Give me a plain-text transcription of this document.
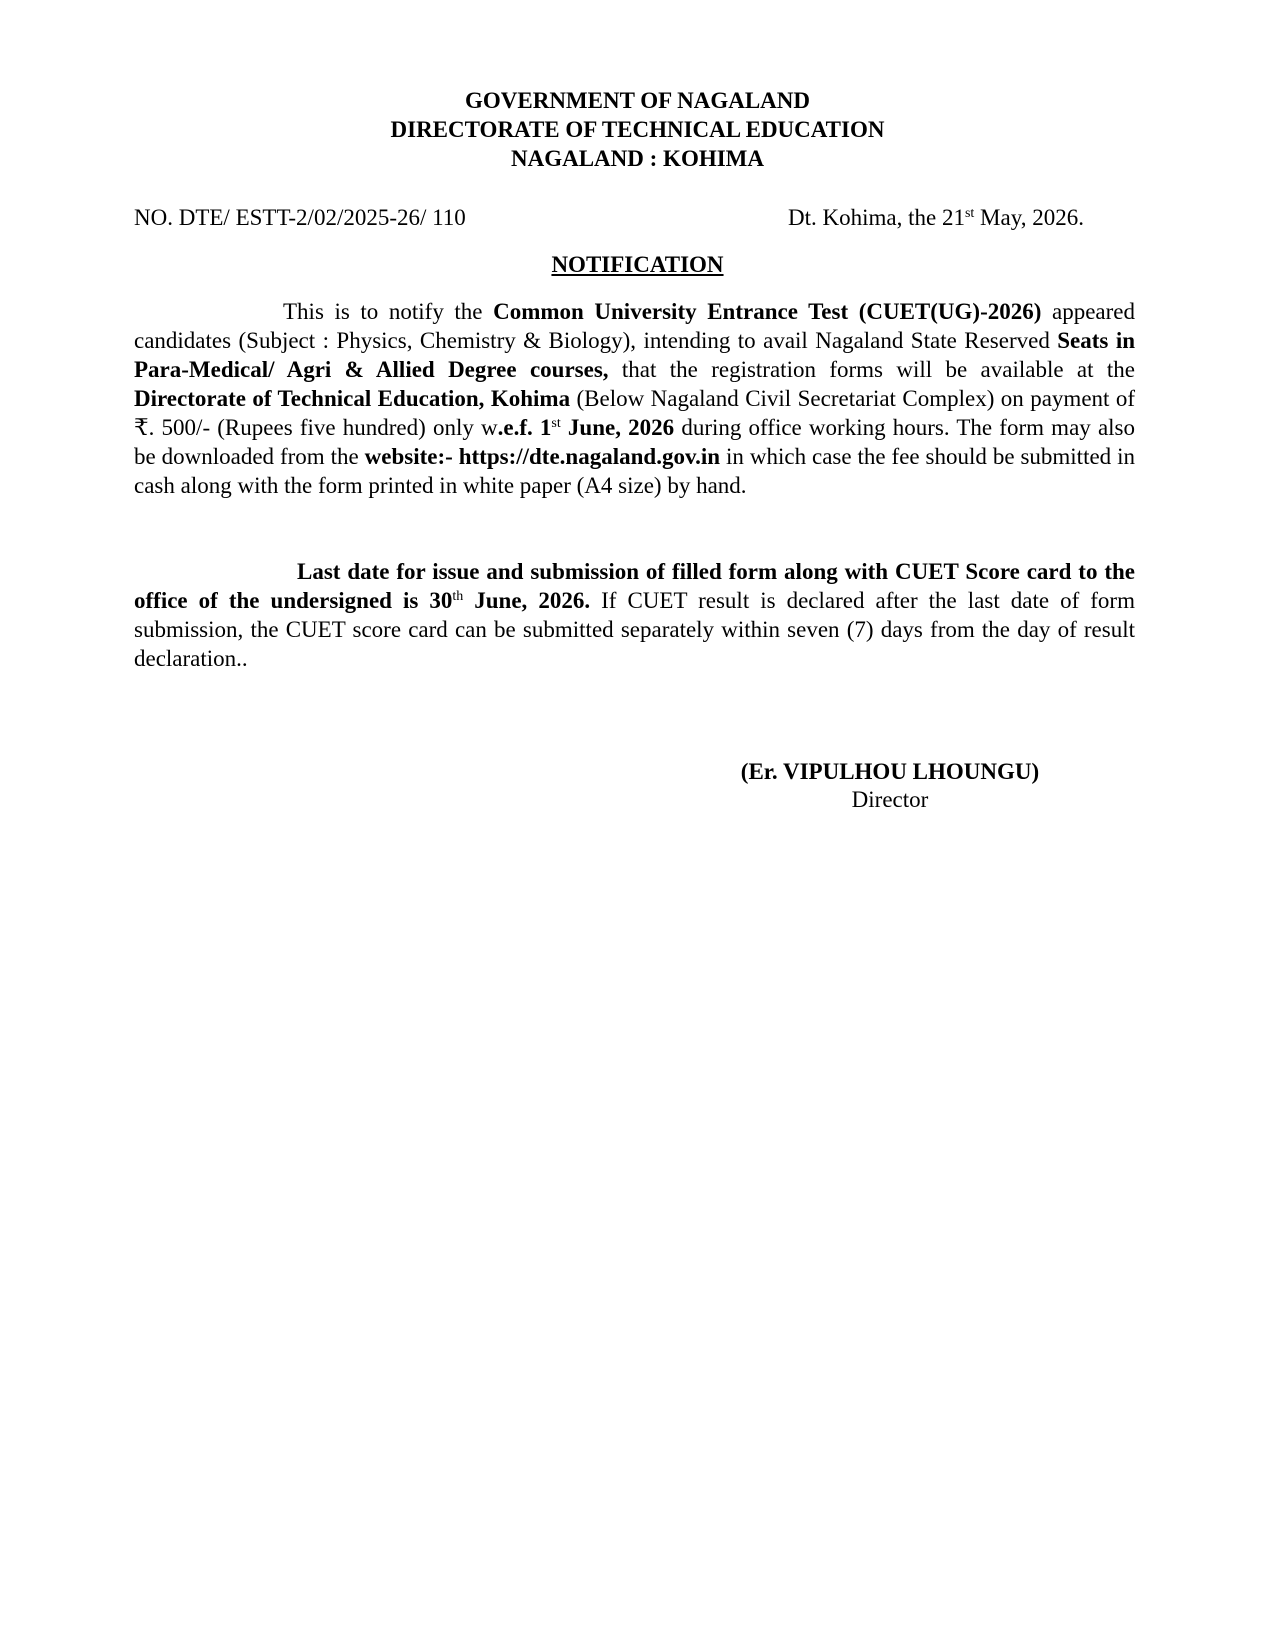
GOVERNMENT OF NAGALAND
DIRECTORATE OF TECHNICAL EDUCATION
NAGALAND : KOHIMA
NO. DTE/ ESTT-2/02/2025-26/ 110	Dt. Kohima, the 21st May, 2026.
NOTIFICATION
This is to notify the Common University Entrance Test (CUET(UG)-2026) appeared candidates (Subject : Physics, Chemistry & Biology), intending to avail Nagaland State Reserved Seats in Para-Medical/ Agri & Allied Degree courses, that the registration forms will be available at the Directorate of Technical Education, Kohima (Below Nagaland Civil Secretariat Complex) on payment of ₹. 500/- (Rupees five hundred) only w.e.f. 1st June, 2026 during office working hours. The form may also be downloaded from the website:- https://dte.nagaland.gov.in in which case the fee should be submitted in cash along with the form printed in white paper (A4 size) by hand.
Last date for issue and submission of filled form along with CUET Score card to the office of the undersigned is 30th June, 2026. If CUET result is declared after the last date of form submission, the CUET score card can be submitted separately within seven (7) days from the day of result declaration..
(Er. VIPULHOU LHOUNGU)
Director
